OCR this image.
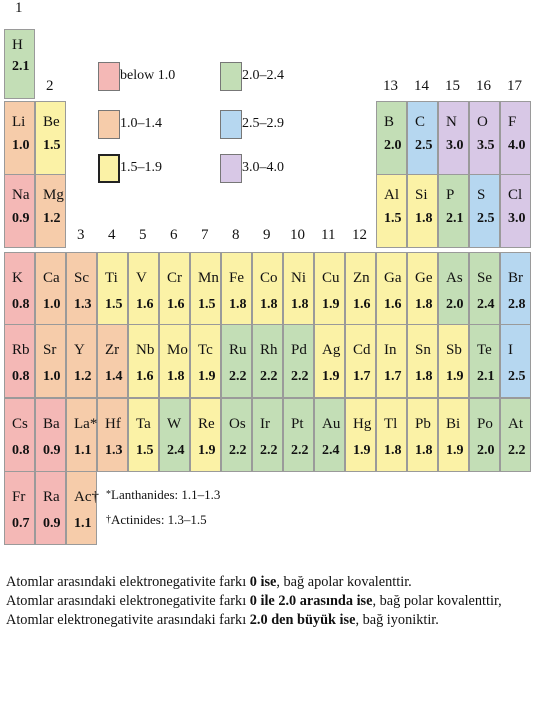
1
2
3 4 5 6 7 8 9 10 11 12
13 14 15 16 17
H
2.1
Li
1.0
Be
1.5
B
2.0
C
2.5
N
3.0
O
3.5
F
4.0
Na
0.9
Mg
1.2
Al
1.5
Si
1.8
P
2.1
S
2.5
Cl
3.0
K
0.8
Ca
1.0
Sc
1.3
Ti
1.5
V
1.6
Cr
1.6
Mn
1.5
Fe
1.8
Co
1.8
Ni
1.8
Cu
1.9
Zn
1.6
Ga
1.6
Ge
1.8
As
2.0
Se
2.4
Br
2.8
Rb
0.8
Sr
1.0
Y
1.2
Zr
1.4
Nb
1.6
Mo
1.8
Tc
1.9
Ru
2.2
Rh
2.2
Pd
2.2
Ag
1.9
Cd
1.7
In
1.7
Sn
1.8
Sb
1.9
Te
2.1
I
2.5
Cs
0.8
Ba
0.9
La*
1.1
Hf
1.3
Ta
1.5
W
2.4
Re
1.9
Os
2.2
Ir
2.2
Pt
2.2
Au
2.4
Hg
1.9
Tl
1.8
Pb
1.8
Bi
1.9
Po
2.0
At
2.2
Fr
0.7
Ra
0.9
Ac†
1.1
below 1.0
1.0–1.4
1.5–1.9
2.0–2.4
2.5–2.9
3.0–4.0
*Lanthanides: 1.1–1.3
†Actinides: 1.3–1.5

Atomlar arasındaki elektronegativite farkı 0 ise, bağ apolar kovalenttir.

Atomlar arasındaki elektronegativite farkı 0 ile 2.0 arasında ise, bağ polar kovalenttir,

Atomlar elektronegativite arasındaki farkı 2.0 den büyük ise, bağ iyoniktir.
